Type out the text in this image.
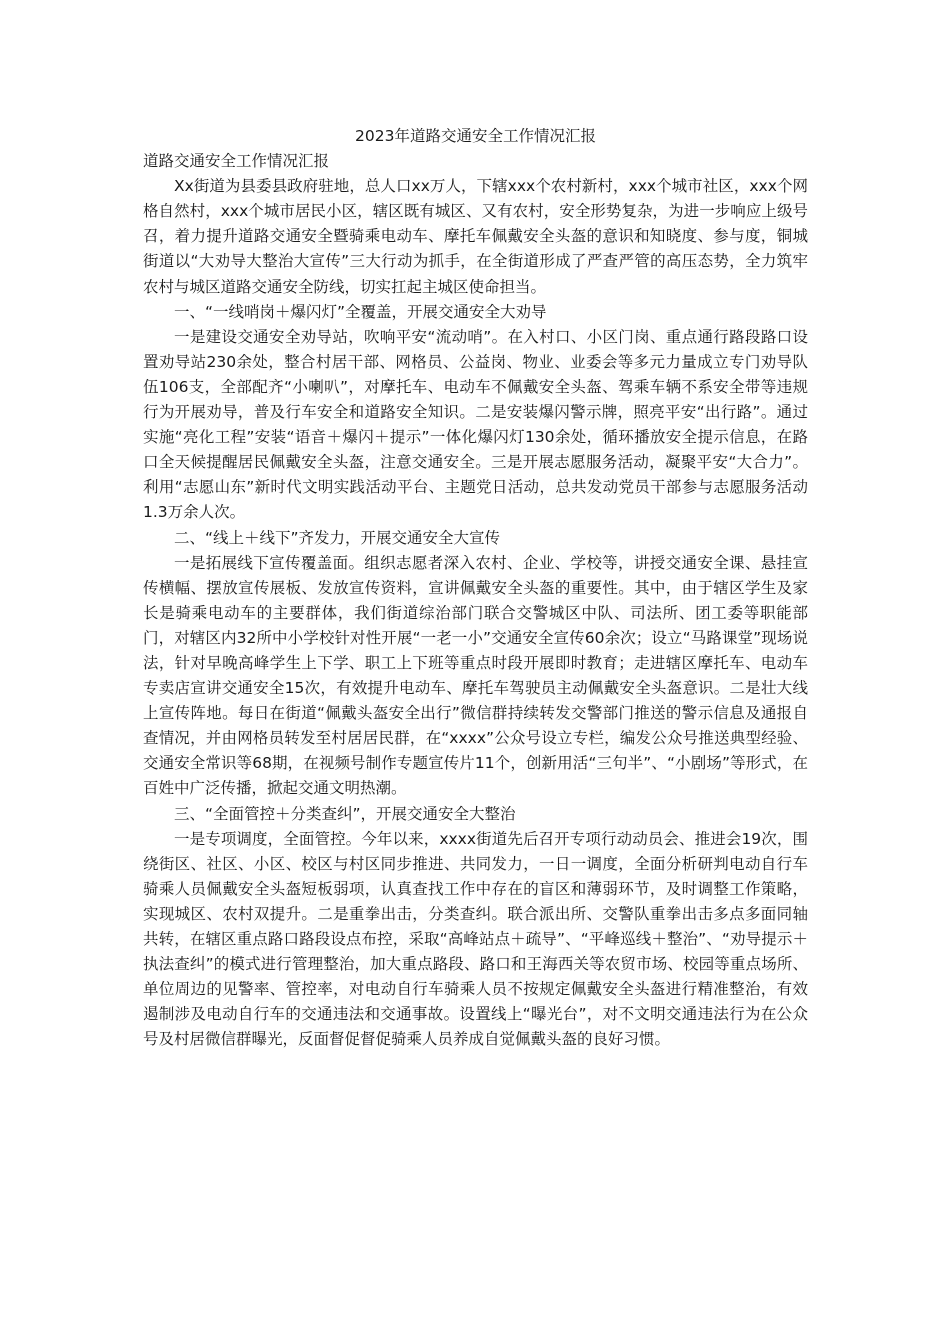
2023年道路交通安全工作情况汇报

道路交通安全工作情况汇报

Xx街道为县委县政府驻地，总人口xx万人，下辖xxx个农村新村，xxx个城市社区，xxx个网格自然村，xxx个城市居民小区，辖区既有城区、又有农村，安全形势复杂，为进一步响应上级号召，着力提升道路交通安全暨骑乘电动车、摩托车佩戴安全头盔的意识和知晓度、参与度，铜城街道以“大劝导大整治大宣传”三大行动为抓手，在全街道形成了严查严管的高压态势，全力筑牢农村与城区道路交通安全防线，切实扛起主城区使命担当。

一、“一线哨岗＋爆闪灯”全覆盖，开展交通安全大劝导

一是建设交通安全劝导站，吹响平安“流动哨”。在入村口、小区门岗、重点通行路段路口设置劝导站230余处，整合村居干部、网格员、公益岗、物业、业委会等多元力量成立专门劝导队伍106支，全部配齐“小喇叭”，对摩托车、电动车不佩戴安全头盔、驾乘车辆不系安全带等违规行为开展劝导，普及行车安全和道路安全知识。二是安装爆闪警示牌，照亮平安“出行路”。通过实施“亮化工程”安装“语音＋爆闪＋提示”一体化爆闪灯130余处，循环播放安全提示信息，在路口全天候提醒居民佩戴安全头盔，注意交通安全。三是开展志愿服务活动，凝聚平安“大合力”。利用“志愿山东”新时代文明实践活动平台、主题党日活动，总共发动党员干部参与志愿服务活动1.3万余人次。

二、“线上＋线下”齐发力，开展交通安全大宣传

一是拓展线下宣传覆盖面。组织志愿者深入农村、企业、学校等，讲授交通安全课、悬挂宣传横幅、摆放宣传展板、发放宣传资料，宣讲佩戴安全头盔的重要性。其中，由于辖区学生及家长是骑乘电动车的主要群体，我们街道综治部门联合交警城区中队、司法所、团工委等职能部门，对辖区内32所中小学校针对性开展“一老一小”交通安全宣传60余次；设立“马路课堂”现场说法，针对早晚高峰学生上下学、职工上下班等重点时段开展即时教育；走进辖区摩托车、电动车专卖店宣讲交通安全15次，有效提升电动车、摩托车驾驶员主动佩戴安全头盔意识。二是壮大线上宣传阵地。每日在街道“佩戴头盔安全出行”微信群持续转发交警部门推送的警示信息及通报自查情况，并由网格员转发至村居居民群，在“xxxx”公众号设立专栏，编发公众号推送典型经验、交通安全常识等68期，在视频号制作专题宣传片11个，创新用活“三句半”、“小剧场”等形式，在百姓中广泛传播，掀起交通文明热潮。

三、“全面管控＋分类查纠”，开展交通安全大整治

一是专项调度，全面管控。今年以来，xxxx街道先后召开专项行动动员会、推进会19次，围绕街区、社区、小区、校区与村区同步推进、共同发力，一日一调度，全面分析研判电动自行车骑乘人员佩戴安全头盔短板弱项，认真查找工作中存在的盲区和薄弱环节，及时调整工作策略，实现城区、农村双提升。二是重拳出击，分类查纠。联合派出所、交警队重拳出击多点多面同轴共转，在辖区重点路口路段设点布控，采取“高峰站点＋疏导”、“平峰巡线＋整治”、“劝导提示＋执法查纠”的模式进行管理整治，加大重点路段、路口和王海西关等农贸市场、校园等重点场所、单位周边的见警率、管控率，对电动自行车骑乘人员不按规定佩戴安全头盔进行精准整治，有效遏制涉及电动自行车的交通违法和交通事故。设置线上“曝光台”，对不文明交通违法行为在公众号及村居微信群曝光，反面督促督促骑乘人员养成自觉佩戴头盔的良好习惯。
